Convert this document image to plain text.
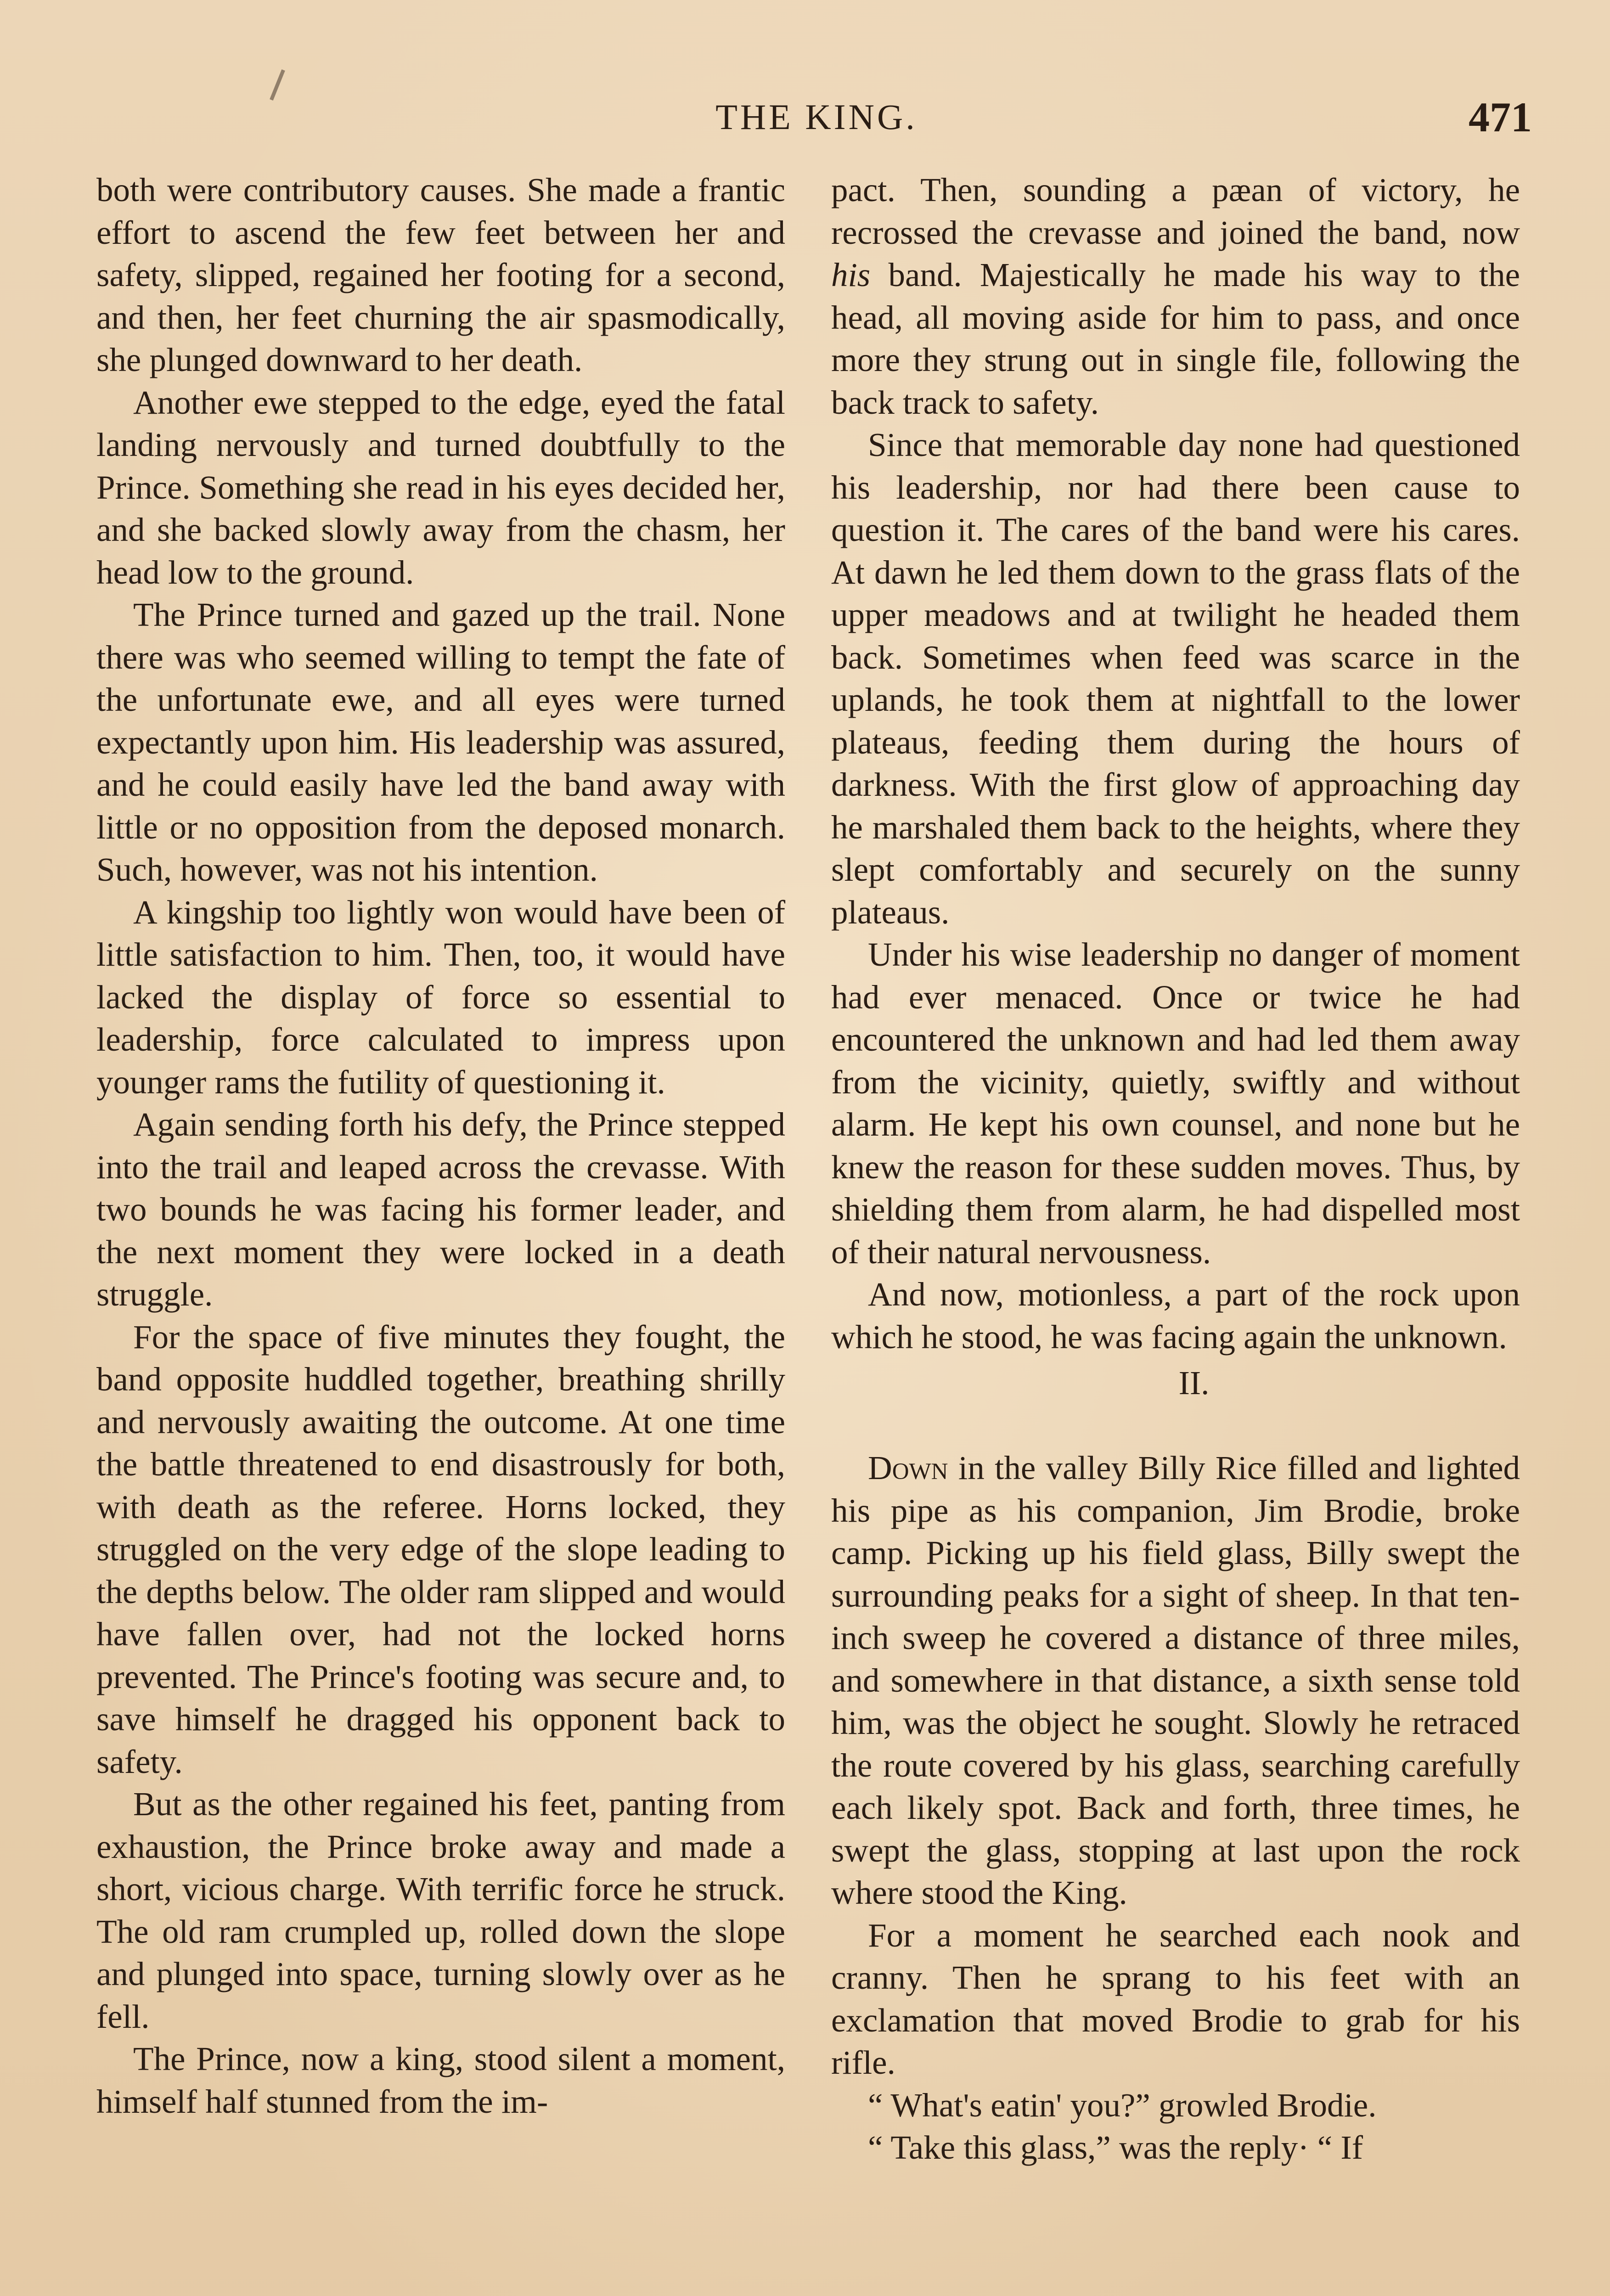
THE KING.	471

both were contributory causes. She made a frantic effort to ascend the few feet between her and safety, slipped, regained her footing for a second, and then, her feet churning the air spasmodically, she plunged downward to her death.

Another ewe stepped to the edge, eyed the fatal landing nervously and turned doubtfully to the Prince. Something she read in his eyes decided her, and she backed slowly away from the chasm, her head low to the ground.

The Prince turned and gazed up the trail. None there was who seemed willing to tempt the fate of the unfortunate ewe, and all eyes were turned expectantly upon him. His leadership was assured, and he could easily have led the band away with little or no opposition from the deposed monarch. Such, however, was not his intention.

A kingship too lightly won would have been of little satisfaction to him. Then, too, it would have lacked the display of force so essential to leadership, force calculated to impress upon younger rams the futility of questioning it.

Again sending forth his defy, the Prince stepped into the trail and leaped across the crevasse. With two bounds he was facing his former leader, and the next moment they were locked in a death struggle.

For the space of five minutes they fought, the band opposite huddled together, breathing shrilly and nervously awaiting the outcome. At one time the battle threatened to end disastrously for both, with death as the referee. Horns locked, they struggled on the very edge of the slope leading to the depths below. The older ram slipped and would have fallen over, had not the locked horns prevented. The Prince's footing was secure and, to save himself he dragged his opponent back to safety.

But as the other regained his feet, panting from exhaustion, the Prince broke away and made a short, vicious charge. With terrific force he struck. The old ram crumpled up, rolled down the slope and plunged into space, turning slowly over as he fell.

The Prince, now a king, stood silent a moment, himself half stunned from the im-

pact. Then, sounding a pæan of victory, he recrossed the crevasse and joined the band, now his band. Majestically he made his way to the head, all moving aside for him to pass, and once more they strung out in single file, following the back track to safety.

Since that memorable day none had questioned his leadership, nor had there been cause to question it. The cares of the band were his cares. At dawn he led them down to the grass flats of the upper meadows and at twilight he headed them back. Sometimes when feed was scarce in the uplands, he took them at nightfall to the lower plateaus, feeding them during the hours of darkness. With the first glow of approaching day he marshaled them back to the heights, where they slept comfortably and securely on the sunny plateaus.

Under his wise leadership no danger of moment had ever menaced. Once or twice he had encountered the unknown and had led them away from the vicinity, quietly, swiftly and without alarm. He kept his own counsel, and none but he knew the reason for these sudden moves. Thus, by shielding them from alarm, he had dispelled most of their natural nervousness.

And now, motionless, a part of the rock upon which he stood, he was facing again the unknown.

II.

Down in the valley Billy Rice filled and lighted his pipe as his companion, Jim Brodie, broke camp. Picking up his field glass, Billy swept the surrounding peaks for a sight of sheep. In that ten-inch sweep he covered a distance of three miles, and somewhere in that distance, a sixth sense told him, was the object he sought. Slowly he retraced the route covered by his glass, searching carefully each likely spot. Back and forth, three times, he swept the glass, stopping at last upon the rock where stood the King.

For a moment he searched each nook and cranny. Then he sprang to his feet with an exclamation that moved Brodie to grab for his rifle.

“ What's eatin' you?” growled Brodie.

“ Take this glass,” was the reply· “ If
